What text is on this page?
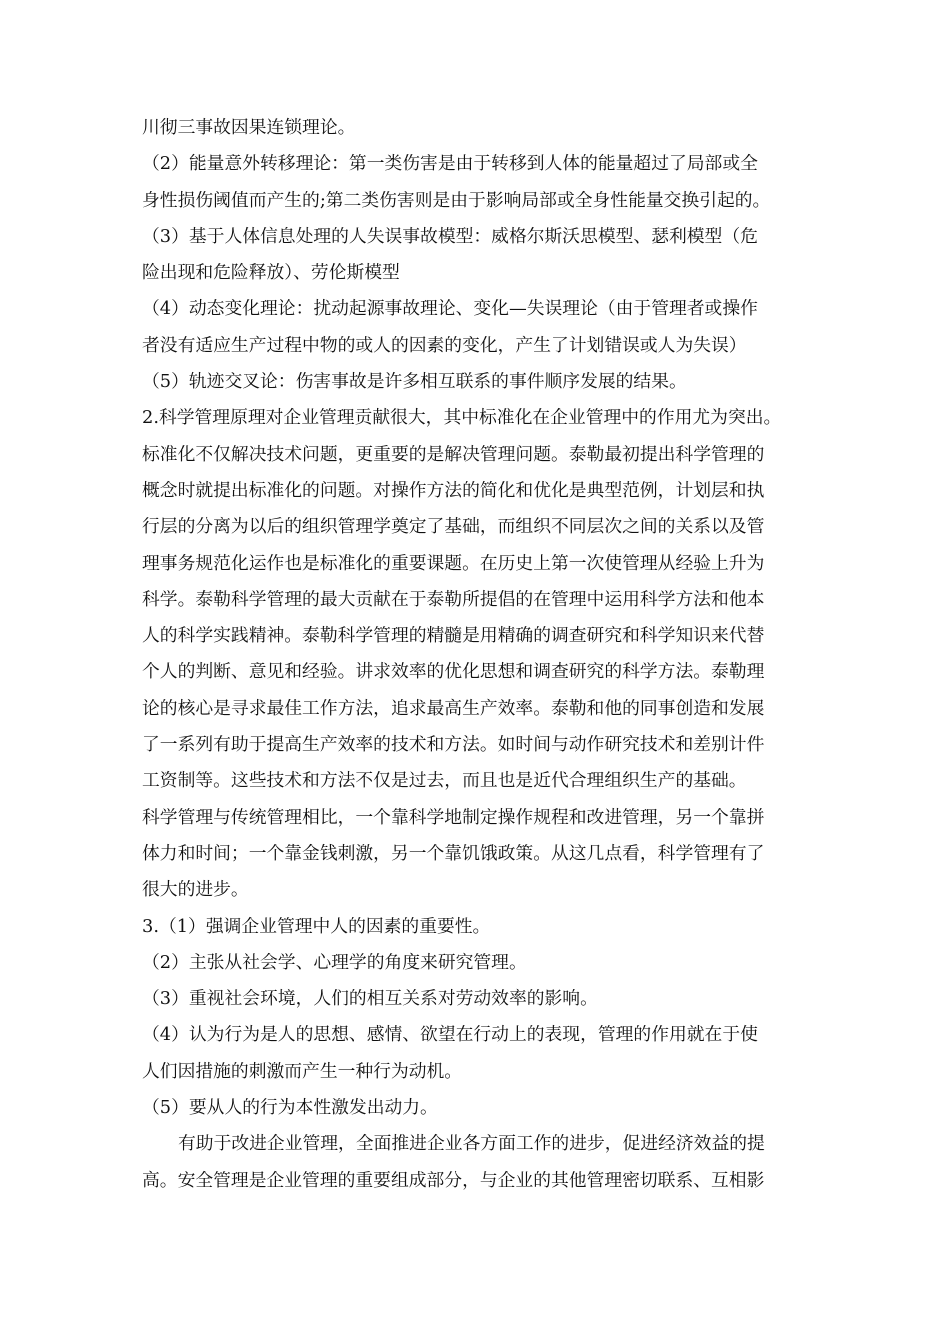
川彻三事故因果连锁理论。
（2）能量意外转移理论：第一类伤害是由于转移到人体的能量超过了局部或全
身性损伤阈值而产生的;第二类伤害则是由于影响局部或全身性能量交换引起的。
（3）基于人体信息处理的人失误事故模型：威格尔斯沃思模型、瑟利模型（危
险出现和危险释放）、劳伦斯模型
（4）动态变化理论：扰动起源事故理论、变化—失误理论（由于管理者或操作
者没有适应生产过程中物的或人的因素的变化，产生了计划错误或人为失误）
（5）轨迹交叉论：伤害事故是许多相互联系的事件顺序发展的结果。
2.科学管理原理对企业管理贡献很大，其中标准化在企业管理中的作用尤为突出。
标准化不仅解决技术问题，更重要的是解决管理问题。泰勒最初提出科学管理的
概念时就提出标准化的问题。对操作方法的简化和优化是典型范例，计划层和执
行层的分离为以后的组织管理学奠定了基础，而组织不同层次之间的关系以及管
理事务规范化运作也是标准化的重要课题。在历史上第一次使管理从经验上升为
科学。泰勒科学管理的最大贡献在于泰勒所提倡的在管理中运用科学方法和他本
人的科学实践精神。泰勒科学管理的精髓是用精确的调查研究和科学知识来代替
个人的判断、意见和经验。讲求效率的优化思想和调查研究的科学方法。泰勒理
论的核心是寻求最佳工作方法，追求最高生产效率。泰勒和他的同事创造和发展
了一系列有助于提高生产效率的技术和方法。如时间与动作研究技术和差别计件
工资制等。这些技术和方法不仅是过去，而且也是近代合理组织生产的基础。
科学管理与传统管理相比，一个靠科学地制定操作规程和改进管理，另一个靠拼
体力和时间；一个靠金钱刺激，另一个靠饥饿政策。从这几点看，科学管理有了
很大的进步。
3.（1）强调企业管理中人的因素的重要性。
（2）主张从社会学、心理学的角度来研究管理。
（3）重视社会环境，人们的相互关系对劳动效率的影响。
（4）认为行为是人的思想、感情、欲望在行动上的表现，管理的作用就在于使
人们因措施的刺激而产生一种行为动机。
（5）要从人的行为本性激发出动力。
有助于改进企业管理，全面推进企业各方面工作的进步，促进经济效益的提
高。安全管理是企业管理的重要组成部分，与企业的其他管理密切联系、互相影
